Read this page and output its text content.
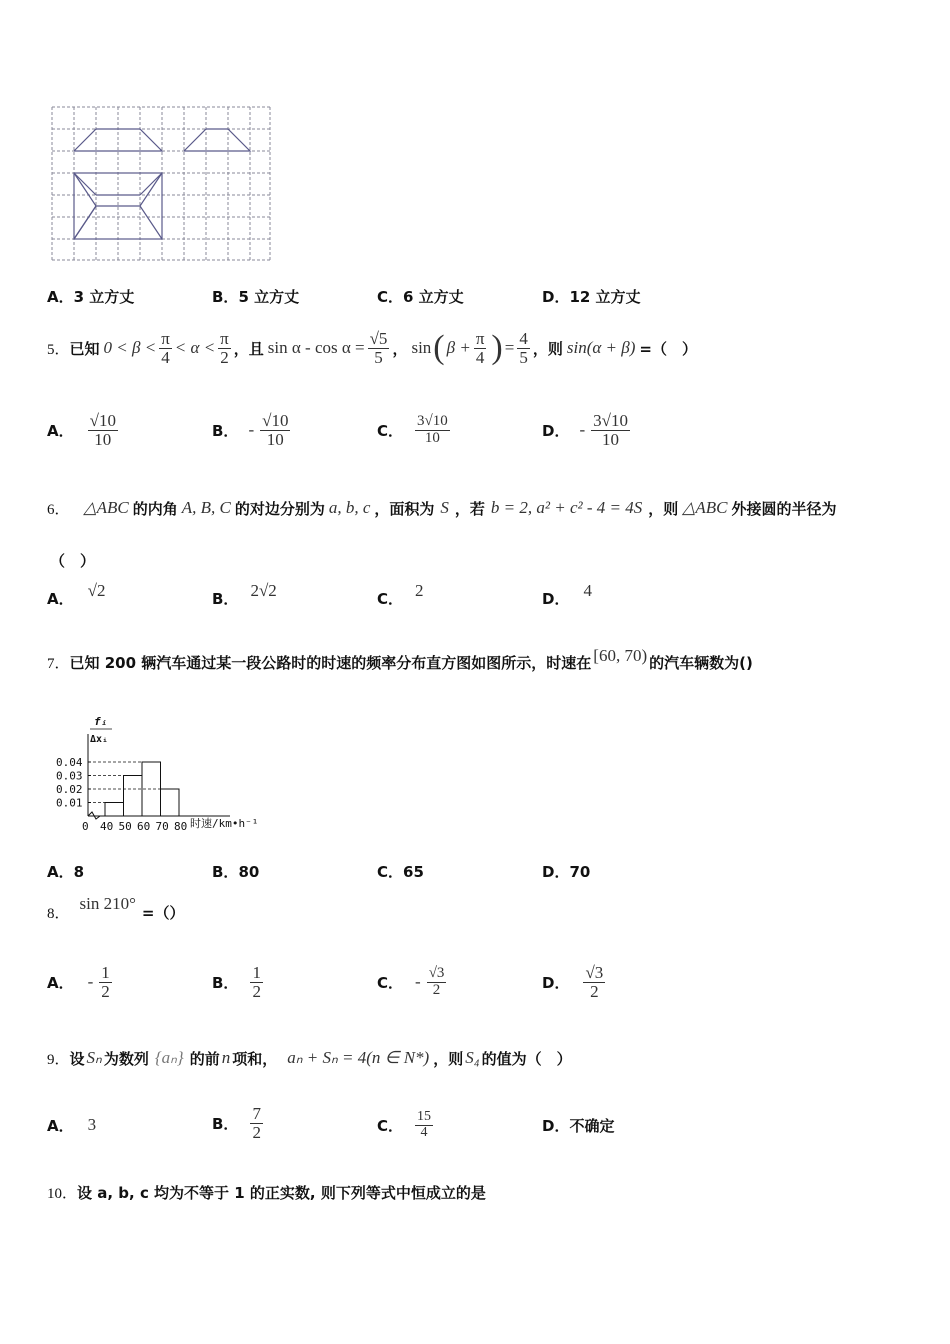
A． 3 立方丈	B． 5 立方丈	C． 6 立方丈	D． 12 立方丈
5． 已知 $0 < \beta < \frac{\pi}{4} < \alpha < \frac{\pi}{2}$ ，且 $\sin \alpha - \cos \alpha = \frac{√5}{5}$ ， sin ( $\beta + \frac{\pi}{4}$ ) = $\frac{4}{5}$ ，则 sin(α + β) =（　）
A． $\frac{√10}{10}$	B． - $\frac{√10}{10}$	C． $\frac{3√10}{10}$	D． - $\frac{3√10}{10}$
6． △ABC 的内角 A, B, C 的对边分别为 a, b, c ，面积为 S ，若 b = 2, a² + c² - 4 = 4S ，则 △ABC 外接圆的半径为
（　）
A． √2	B． 2√2	C． 2	D． 4
7． 已知 200 辆汽车通过某一段公路时的时速的频率分布直方图如图所示，时速在 [60, 70) 的汽车辆数为()
fᵢ
Δxᵢ
时速/km•h⁻¹
0.04
0.03
0.02
0.01
0 40 50 60 70 80
A． 8	B． 80	C． 65	D． 70
8．
sin 210° =（）
A． - $\frac{1}{2}$	B． $\frac{1}{2}$	C． - $\frac{√3}{2}$	D． $\frac{√3}{2}$
9． 设 Sₙ 为数列 {aₙ} 的前 n 项和， aₙ + Sₙ = 4(n ∈ N*) ，则 S₄ 的值为（　）
A． 3	B． $\frac{7}{2}$	C． $\frac{15}{4}$	D． 不确定
10． 设 a, b, c 均为不等于 1 的正实数, 则下列等式中恒成立的是
